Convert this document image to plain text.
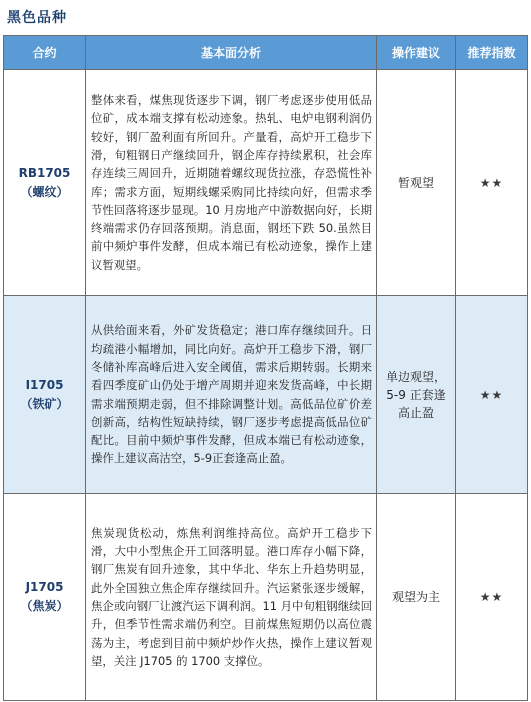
黑色品种
合约	基本面分析	操作建议	推荐指数

RB1705
（螺纹）	整体来看，煤焦现货逐步下调，钢厂考虑逐步使用低品位矿，成本端支撑有松动迹象。热轧、电炉电钢利润仍较好，钢厂盈利面有所回升。产量看，高炉开工稳步下滑，旬粗钢日产继续回升，钢企库存持续累积，社会库存连续三周回升，近期随着螺纹现货拉涨，存恐慌性补库；需求方面，短期线螺采购同比持续向好，但需求季节性回落将逐步显现。10 月房地产中游数据向好，长期终端需求仍存回落预期。消息面，钢坯下跌 50.虽然目前中频炉事件发酵，但成本端已有松动迹象，操作上建议暂观望。	暂观望	★★

I1705
（铁矿）	从供给面来看，外矿发货稳定；港口库存继续回升。日均疏港小幅增加，同比向好。高炉开工稳步下滑，钢厂冬储补库高峰后进入安全阈值，需求后期转弱。长期来看四季度矿山仍处于增产周期并迎来发货高峰，中长期需求端预期走弱，但不排除调整计划。高低品位矿价差创新高，结构性短缺持续，钢厂逐步考虑提高低品位矿配比。目前中频炉事件发酵，但成本端已有松动迹象，操作上建议高沽空，5-9正套逢高止盈。	单边观望，5-9 正套逢高止盈	★★

J1705
（焦炭）	焦炭现货松动，炼焦利润维持高位。高炉开工稳步下滑，大中小型焦企开工回落明显。港口库存小幅下降，钢厂焦炭有回升迹象，其中华北、华东上升趋势明显，此外全国独立焦企库存继续回升。汽运紧张逐步缓解，焦企或向钢厂让渡汽运下调利润。11 月中旬粗钢继续回升，但季节性需求端仍利空。目前煤焦短期仍以高位震荡为主，考虑到目前中频炉炒作火热，操作上建议暂观望，关注 J1705 的 1700 支撑位。	观望为主	★★
